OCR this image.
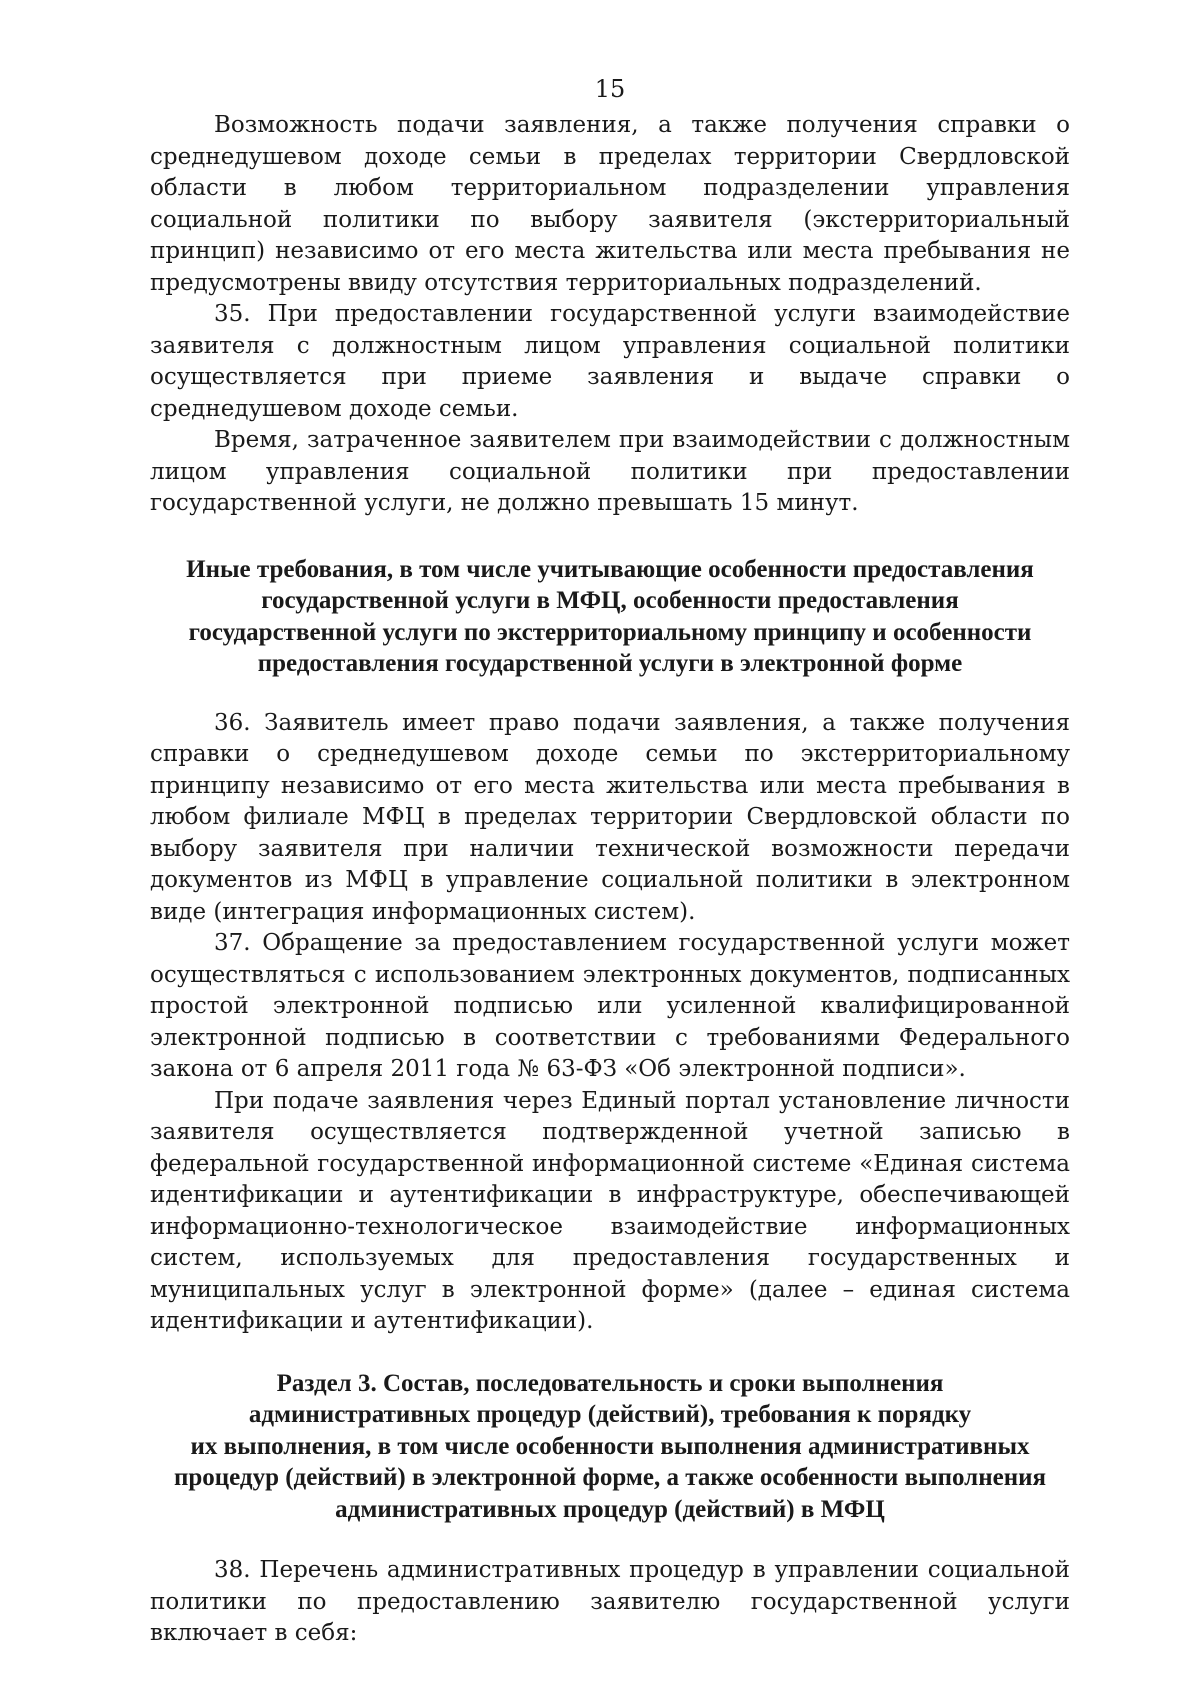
15

Возможность подачи заявления, а также получения справки о среднедушевом доходе семьи в пределах территории Свердловской области в любом территориальном подразделении управления социальной политики по выбору заявителя (экстерриториальный принцип) независимо от его места жительства или места пребывания не предусмотрены ввиду отсутствия территориальных подразделений.

35. При предоставлении государственной услуги взаимодействие заявителя с должностным лицом управления социальной политики осуществляется при приеме заявления и выдаче справки о среднедушевом доходе семьи.

Время, затраченное заявителем при взаимодействии с должностным лицом управления социальной политики при предоставлении государственной услуги, не должно превышать 15 минут.

Иные требования, в том числе учитывающие особенности предоставления
государственной услуги в МФЦ, особенности предоставления
государственной услуги по экстерриториальному принципу и особенности
предоставления государственной услуги в электронной форме

36. Заявитель имеет право подачи заявления, а также получения справки о среднедушевом доходе семьи по экстерриториальному принципу независимо от его места жительства или места пребывания в любом филиале МФЦ в пределах территории Свердловской области по выбору заявителя при наличии технической возможности передачи документов из МФЦ в управление социальной политики в электронном виде (интеграция информационных систем).

37. Обращение за предоставлением государственной услуги может осуществляться с использованием электронных документов, подписанных простой электронной подписью или усиленной квалифицированной электронной подписью в соответствии с требованиями Федерального закона от 6 апреля 2011 года № 63-ФЗ «Об электронной подписи».

При подаче заявления через Единый портал установление личности заявителя осуществляется подтвержденной учетной записью в федеральной государственной информационной системе «Единая система идентификации и аутентификации в инфраструктуре, обеспечивающей информационно-технологическое взаимодействие информационных систем, используемых для предоставления государственных и муниципальных услуг в электронной форме» (далее – единая система идентификации и аутентификации).

Раздел 3. Состав, последовательность и сроки выполнения
административных процедур (действий), требования к порядку
их выполнения, в том числе особенности выполнения административных
процедур (действий) в электронной форме, а также особенности выполнения
административных процедур (действий) в МФЦ

38. Перечень административных процедур в управлении социальной политики по предоставлению заявителю государственной услуги включает в себя:
